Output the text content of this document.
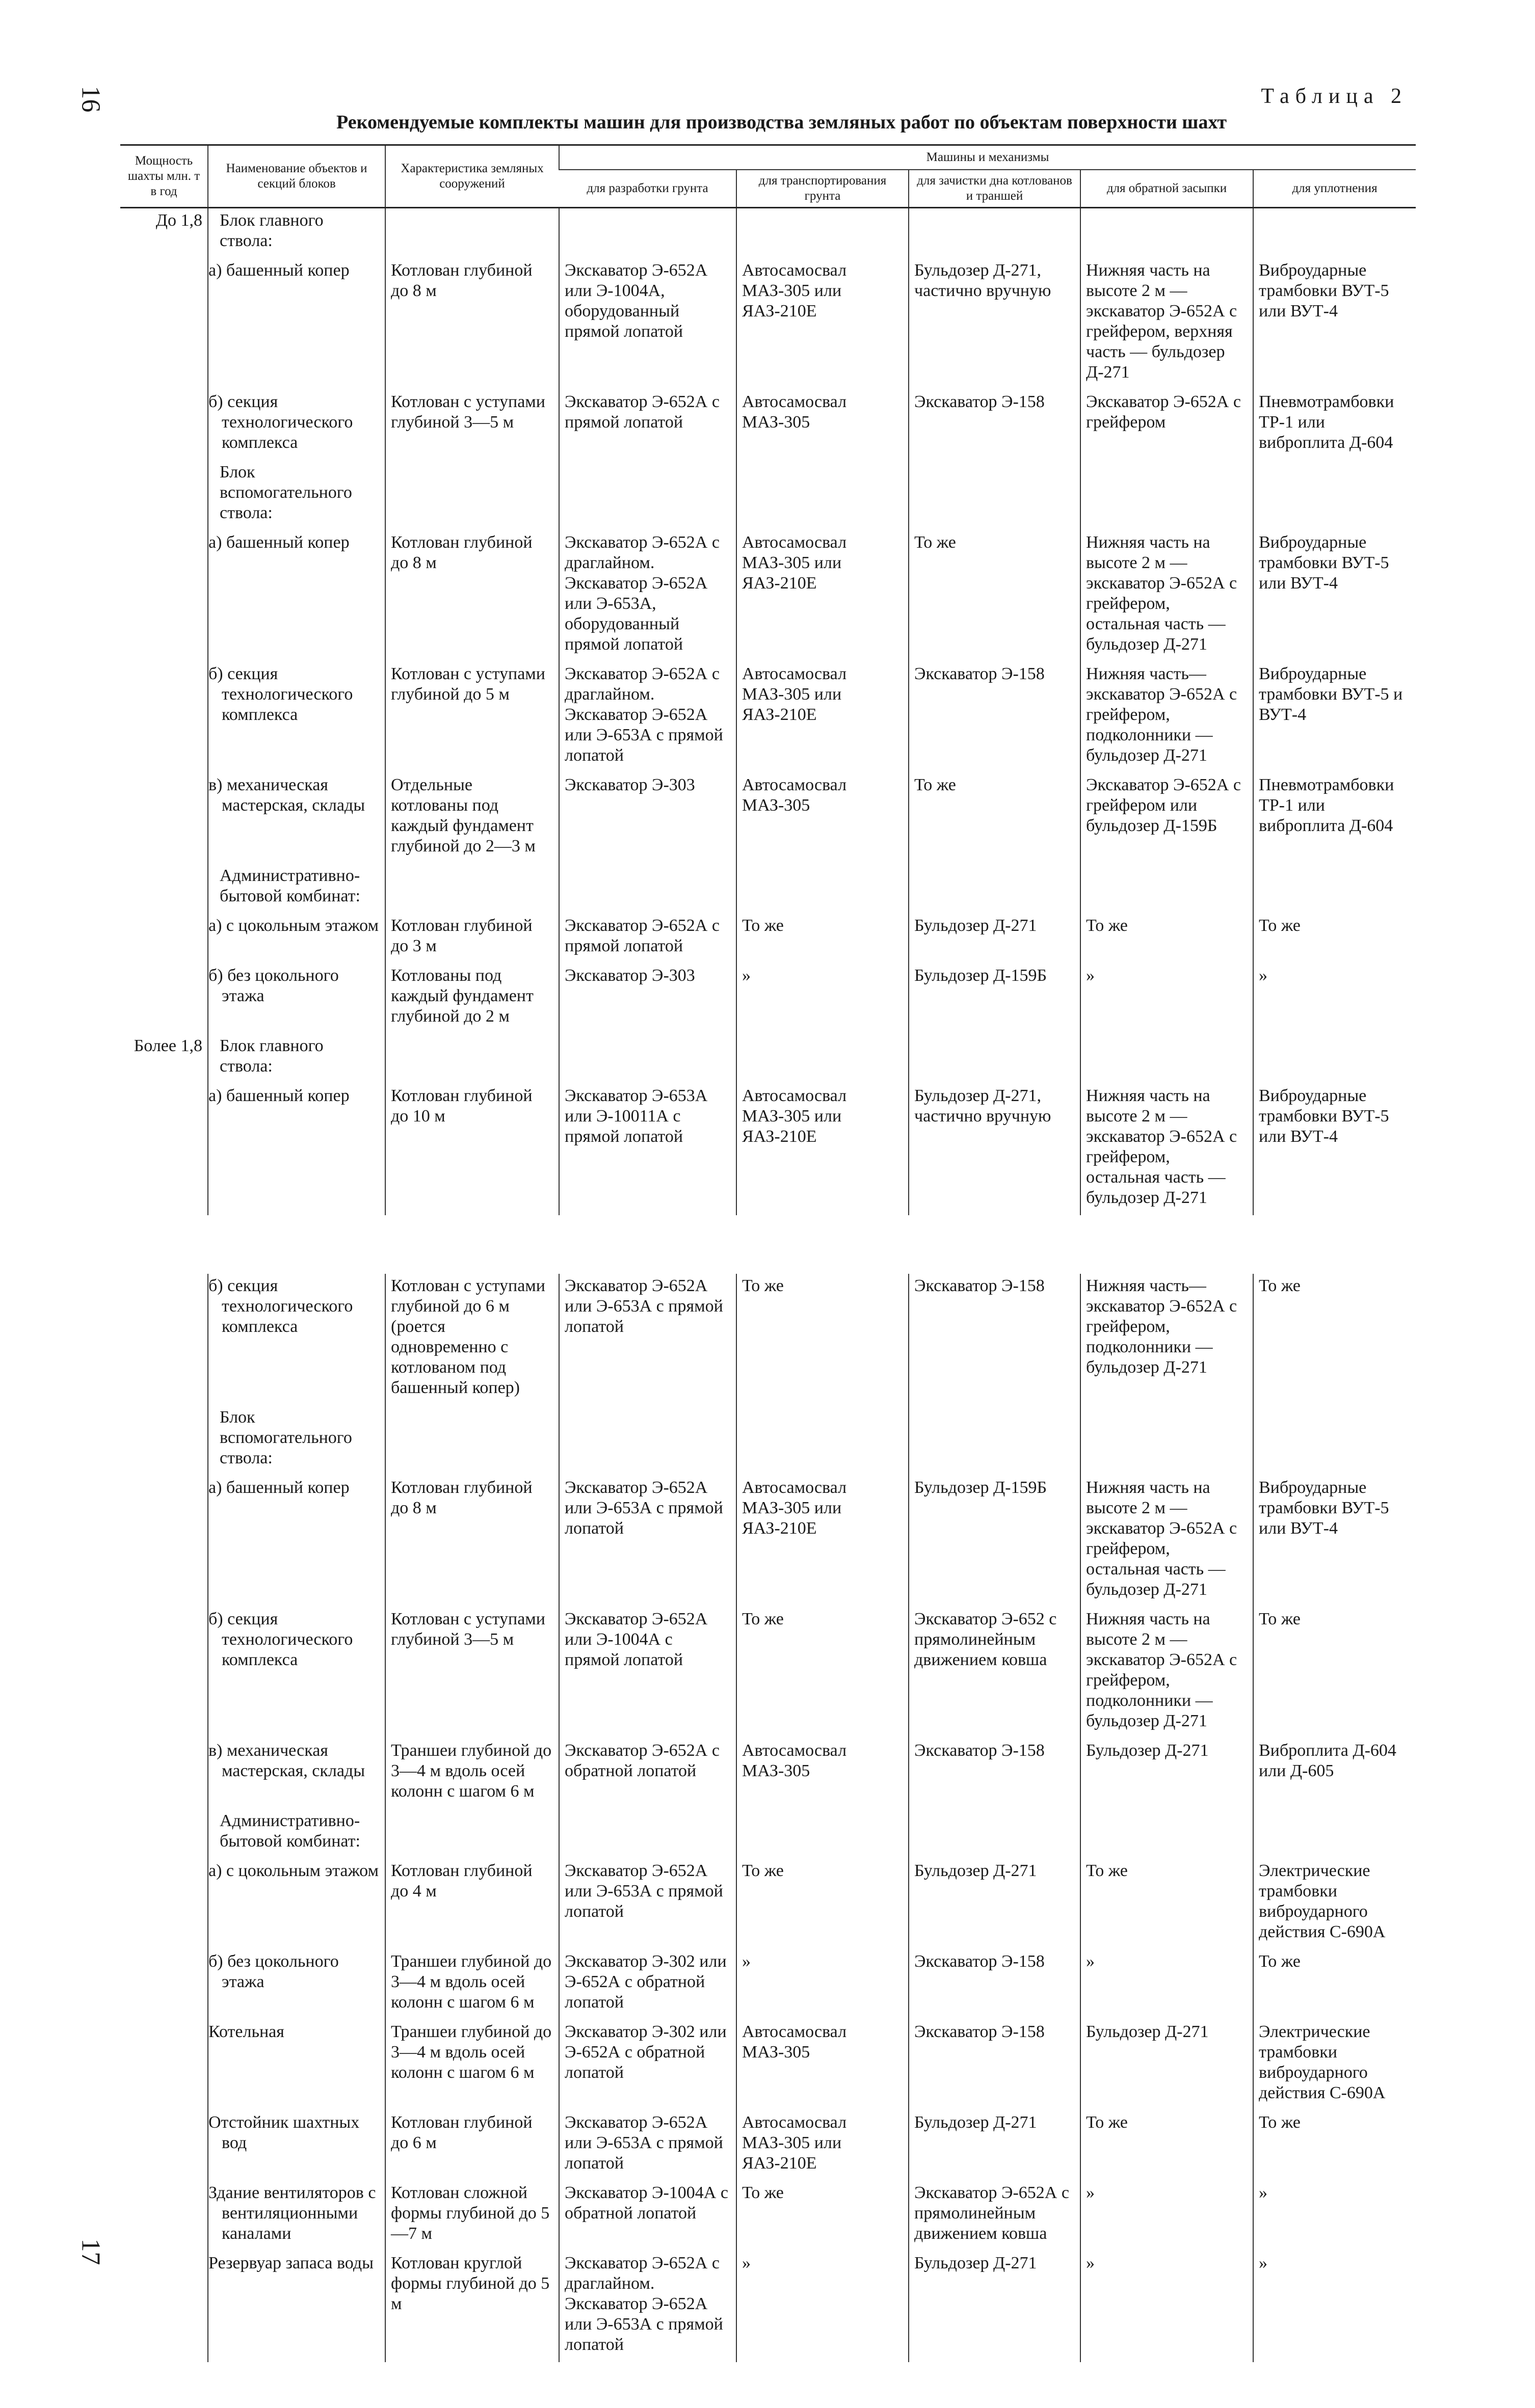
16
17
Таблица 2
Рекомендуемые комплекты машин для производства земляных работ по объектам поверхности шахт
Мощность шахты млн. т в год	Наименование объектов и секций блоков	Характеристика земляных сооружений	Машины и механизмы				
			для разработки грунта	для транспортирования грунта	для зачистки дна котлованов и траншей	для обратной засыпки	для уплотнения
До 1,8	Блок главного ствола:						
	а) башенный копер	Котлован глубиной до 8 м	Экскаватор Э-652А или Э-1004А, оборудованный прямой лопатой	Автосамосвал МАЗ-305 или ЯАЗ-210Е	Бульдозер Д-271, частично вручную	Нижняя часть на высоте 2 м — экскаватор Э-652А с грейфером, верхняя часть — бульдозер Д-271	Виброударные трамбовки ВУТ-5 или ВУТ-4
	б) секция технологического комплекса	Котлован с уступами глубиной 3—5 м	Экскаватор Э-652А с прямой лопатой	Автосамосвал МАЗ-305	Экскаватор Э-158	Экскаватор Э-652А с грейфером	Пневмотрамбовки ТР-1 или виброплита Д-604
	Блок вспомогательного ствола:						
	а) башенный копер	Котлован глубиной до 8 м	Экскаватор Э-652А с драглайном. Экскаватор Э-652А или Э-653А, оборудованный прямой лопатой	Автосамосвал МАЗ-305 или ЯАЗ-210Е	То же	Нижняя часть на высоте 2 м — экскаватор Э-652А с грейфером, остальная часть — бульдозер Д-271	Виброударные трамбовки ВУТ-5 или ВУТ-4
	б) секция технологического комплекса	Котлован с уступами глубиной до 5 м	Экскаватор Э-652А с драглайном. Экскаватор Э-652А или Э-653А с прямой лопатой	Автосамосвал МАЗ-305 или ЯАЗ-210Е	Экскаватор Э-158	Нижняя часть—экскаватор Э-652А с грейфером, подколонники — бульдозер Д-271	Виброударные трамбовки ВУТ-5 и ВУТ-4
	в) механическая мастерская, склады	Отдельные котлованы под каждый фундамент глубиной до 2—3 м	Экскаватор Э-303	Автосамосвал МАЗ-305	То же	Экскаватор Э-652А с грейфером или бульдозер Д-159Б	Пневмотрамбовки ТР-1 или виброплита Д-604
	Административно-бытовой комбинат:						
	а) с цокольным этажом	Котлован глубиной до 3 м	Экскаватор Э-652А с прямой лопатой	То же	Бульдозер Д-271	То же	То же
	б) без цокольного этажа	Котлованы под каждый фундамент глубиной до 2 м	Экскаватор Э-303	»	Бульдозер Д-159Б	»	»
Более 1,8	Блок главного ствола:						
	а) башенный копер	Котлован глубиной до 10 м	Экскаватор Э-653А или Э-10011А с прямой лопатой	Автосамосвал МАЗ-305 или ЯАЗ-210Е	Бульдозер Д-271, частично вручную	Нижняя часть на высоте 2 м — экскаватор Э-652А с грейфером, остальная часть — бульдозер Д-271	Виброударные трамбовки ВУТ-5 или ВУТ-4
	б) секция технологического комплекса	Котлован с уступами глубиной до 6 м (роется одновременно с котлованом под башенный копер)	Экскаватор Э-652А или Э-653А с прямой лопатой	То же	Экскаватор Э-158	Нижняя часть—экскаватор Э-652А с грейфером, подколонники — бульдозер Д-271	То же
	Блок вспомогательного ствола:						
	а) башенный копер	Котлован глубиной до 8 м	Экскаватор Э-652А или Э-653А с прямой лопатой	Автосамосвал МАЗ-305 или ЯАЗ-210Е	Бульдозер Д-159Б	Нижняя часть на высоте 2 м — экскаватор Э-652А с грейфером, остальная часть — бульдозер Д-271	Виброударные трамбовки ВУТ-5 или ВУТ-4
	б) секция технологического комплекса	Котлован с уступами глубиной 3—5 м	Экскаватор Э-652А или Э-1004А с прямой лопатой	То же	Экскаватор Э-652 с прямолинейным движением ковша	Нижняя часть на высоте 2 м — экскаватор Э-652А с грейфером, подколонники — бульдозер Д-271	То же
	в) механическая мастерская, склады	Траншеи глубиной до 3—4 м вдоль осей колонн с шагом 6 м	Экскаватор Э-652А с обратной лопатой	Автосамосвал МАЗ-305	Экскаватор Э-158	Бульдозер Д-271	Виброплита Д-604 или Д-605
	Административно-бытовой комбинат:						
	а) с цокольным этажом	Котлован глубиной до 4 м	Экскаватор Э-652А или Э-653А с прямой лопатой	То же	Бульдозер Д-271	То же	Электрические трамбовки виброударного действия С-690А
	б) без цокольного этажа	Траншеи глубиной до 3—4 м вдоль осей колонн с шагом 6 м	Экскаватор Э-302 или Э-652А с обратной лопатой	»	Экскаватор Э-158	»	То же
	Котельная	Траншеи глубиной до 3—4 м вдоль осей колонн с шагом 6 м	Экскаватор Э-302 или Э-652А с обратной лопатой	Автосамосвал МАЗ-305	Экскаватор Э-158	Бульдозер Д-271	Электрические трамбовки виброударного действия С-690А
	Отстойник шахтных вод	Котлован глубиной до 6 м	Экскаватор Э-652А или Э-653А с прямой лопатой	Автосамосвал МАЗ-305 или ЯАЗ-210Е	Бульдозер Д-271	То же	То же
	Здание вентиляторов с вентиляционными каналами	Котлован сложной формы глубиной до 5—7 м	Экскаватор Э-1004А с обратной лопатой	То же	Экскаватор Э-652А с прямолинейным движением ковша	»	»
	Резервуар запаса воды	Котлован круглой формы глубиной до 5 м	Экскаватор Э-652А с драглайном. Экскаватор Э-652А или Э-653А с прямой лопатой	»	Бульдозер Д-271	»	»
